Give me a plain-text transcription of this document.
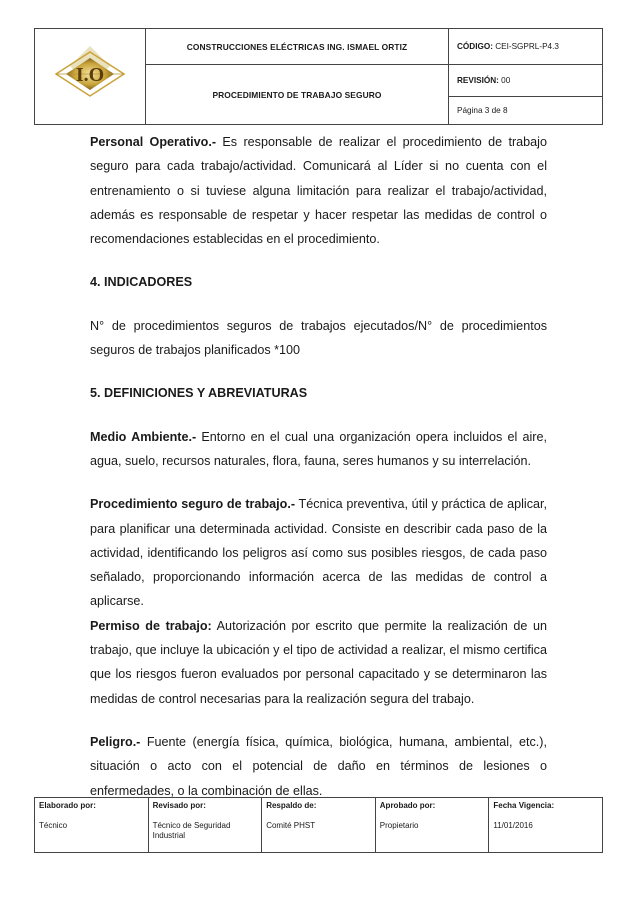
I.O	CONSTRUCCIONES ELÉCTRICAS ING. ISMAEL ORTIZ	CÓDIGO: CEI-SGPRL-P4.3
	PROCEDIMIENTO DE TRABAJO SEGURO	REVISIÓN: 00
		Página 3 de 8

Personal Operativo.- Es responsable de realizar el procedimiento de trabajo seguro para cada trabajo/actividad. Comunicará al Líder si no cuenta con el entrenamiento o si tuviese alguna limitación para realizar el trabajo/actividad, además es responsable de respetar y hacer respetar las medidas de control o recomendaciones establecidas en el procedimiento.

4. INDICADORES

N° de procedimientos seguros de trabajos ejecutados/N° de procedimientos seguros de trabajos planificados *100

5. DEFINICIONES Y ABREVIATURAS

Medio Ambiente.- Entorno en el cual una organización opera incluidos el aire, agua, suelo, recursos naturales, flora, fauna, seres humanos y su interrelación.

Procedimiento seguro de trabajo.- Técnica preventiva, útil y práctica de aplicar, para planificar una determinada actividad. Consiste en describir cada paso de la actividad, identificando los peligros así como sus posibles riesgos, de cada paso señalado, proporcionando información acerca de las medidas de control a aplicarse.

Permiso de trabajo: Autorización por escrito que permite la realización de un trabajo, que incluye la ubicación y el tipo de actividad a realizar, el mismo certifica que los riesgos fueron evaluados por personal capacitado y se determinaron las medidas de control necesarias para la realización segura del trabajo.

Peligro.- Fuente (energía física, química, biológica, humana, ambiental, etc.), situación o acto con el potencial de daño en términos de lesiones o enfermedades, o la combinación de ellas.

Elaborado por:
Técnico	
Revisado por:
Técnico de Seguridad Industrial	
Respaldo de:
Comité PHST	
Aprobado por:
Propietario	
Fecha Vigencia:
11/01/2016
